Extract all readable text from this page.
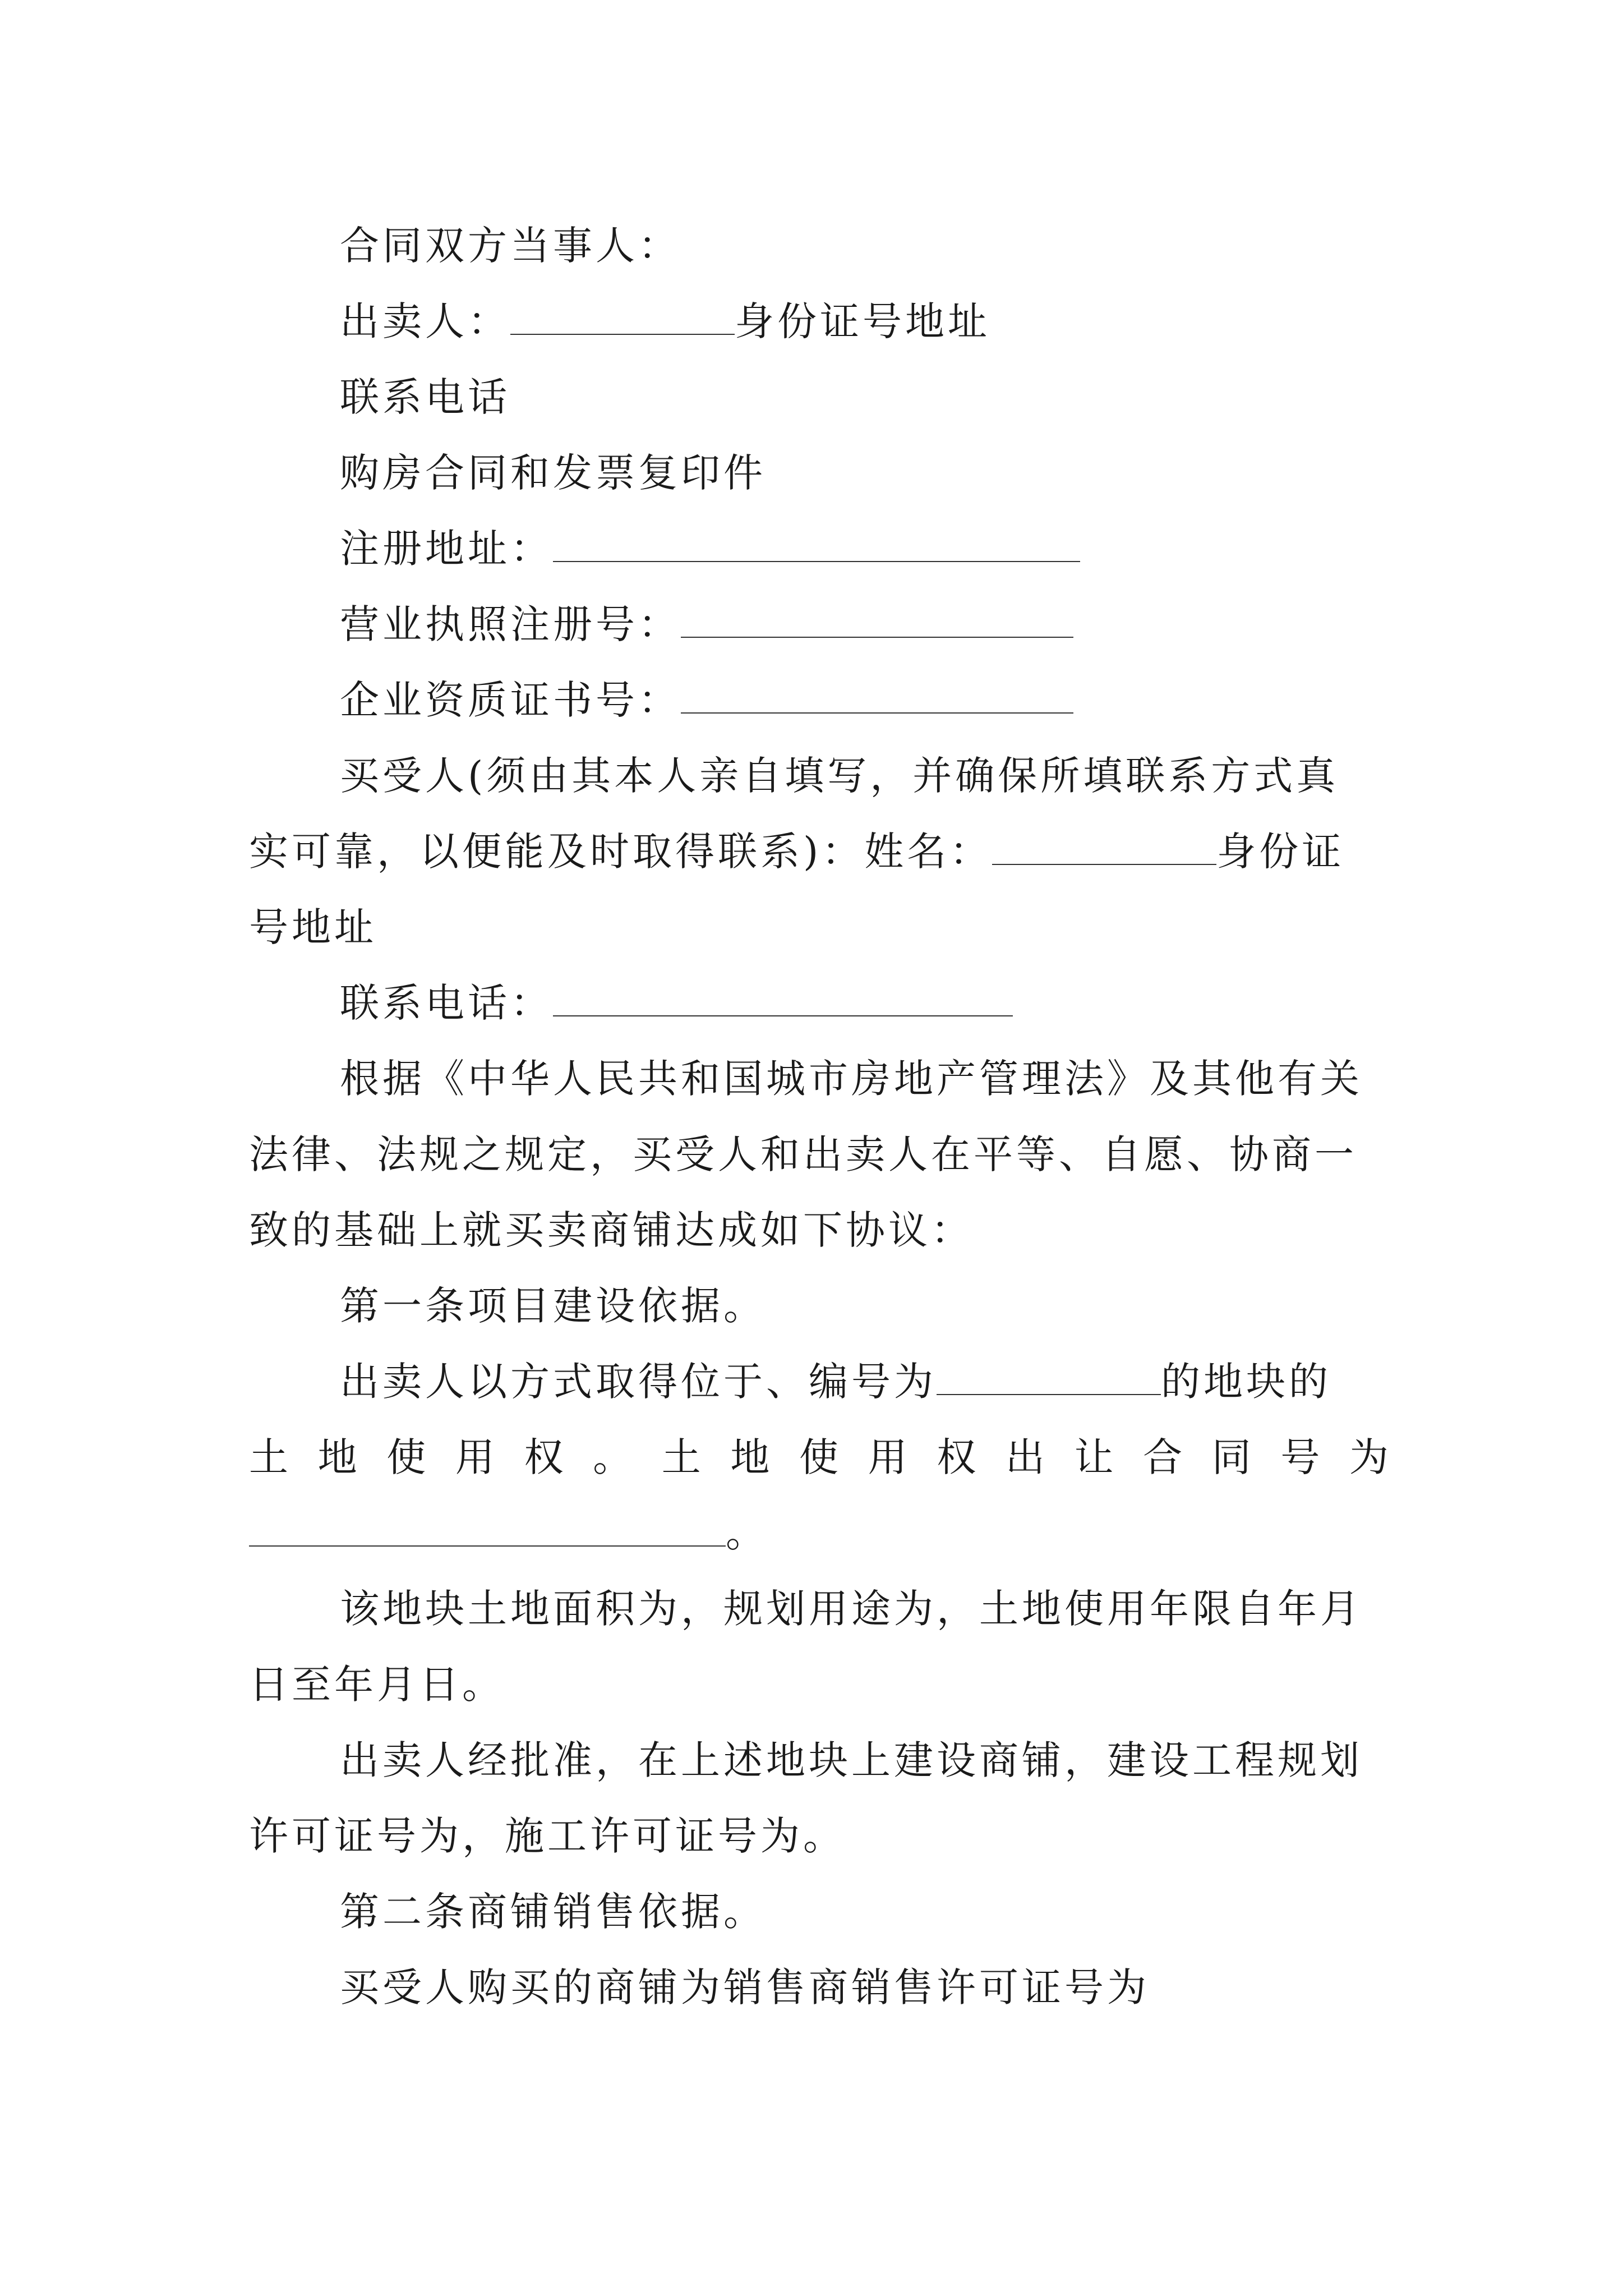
合同双方当事人：
出卖人：	身份证号地址
联系电话
购房合同和发票复印件
注册地址：
营业执照注册号：
企业资质证书号：
买受人(须由其本人亲自填写，并确保所填联系方式真
实可靠，以便能及时取得联系)：姓名：	身份证
号地址
联系电话：
根据《中华人民共和国城市房地产管理法》及其他有关
法律、法规之规定，买受人和出卖人在平等、自愿、协商一
致的基础上就买卖商铺达成如下协议：
第一条项目建设依据。
出卖人以方式取得位于、编号为	的地块的
土 地 使 用 权 。 土 地 使 用 权 出 让 合 同 号 为
。
该地块土地面积为，规划用途为，土地使用年限自年月
日至年月日。
出卖人经批准，在上述地块上建设商铺，建设工程规划
许可证号为，施工许可证号为。
第二条商铺销售依据。
买受人购买的商铺为销售商销售许可证号为
